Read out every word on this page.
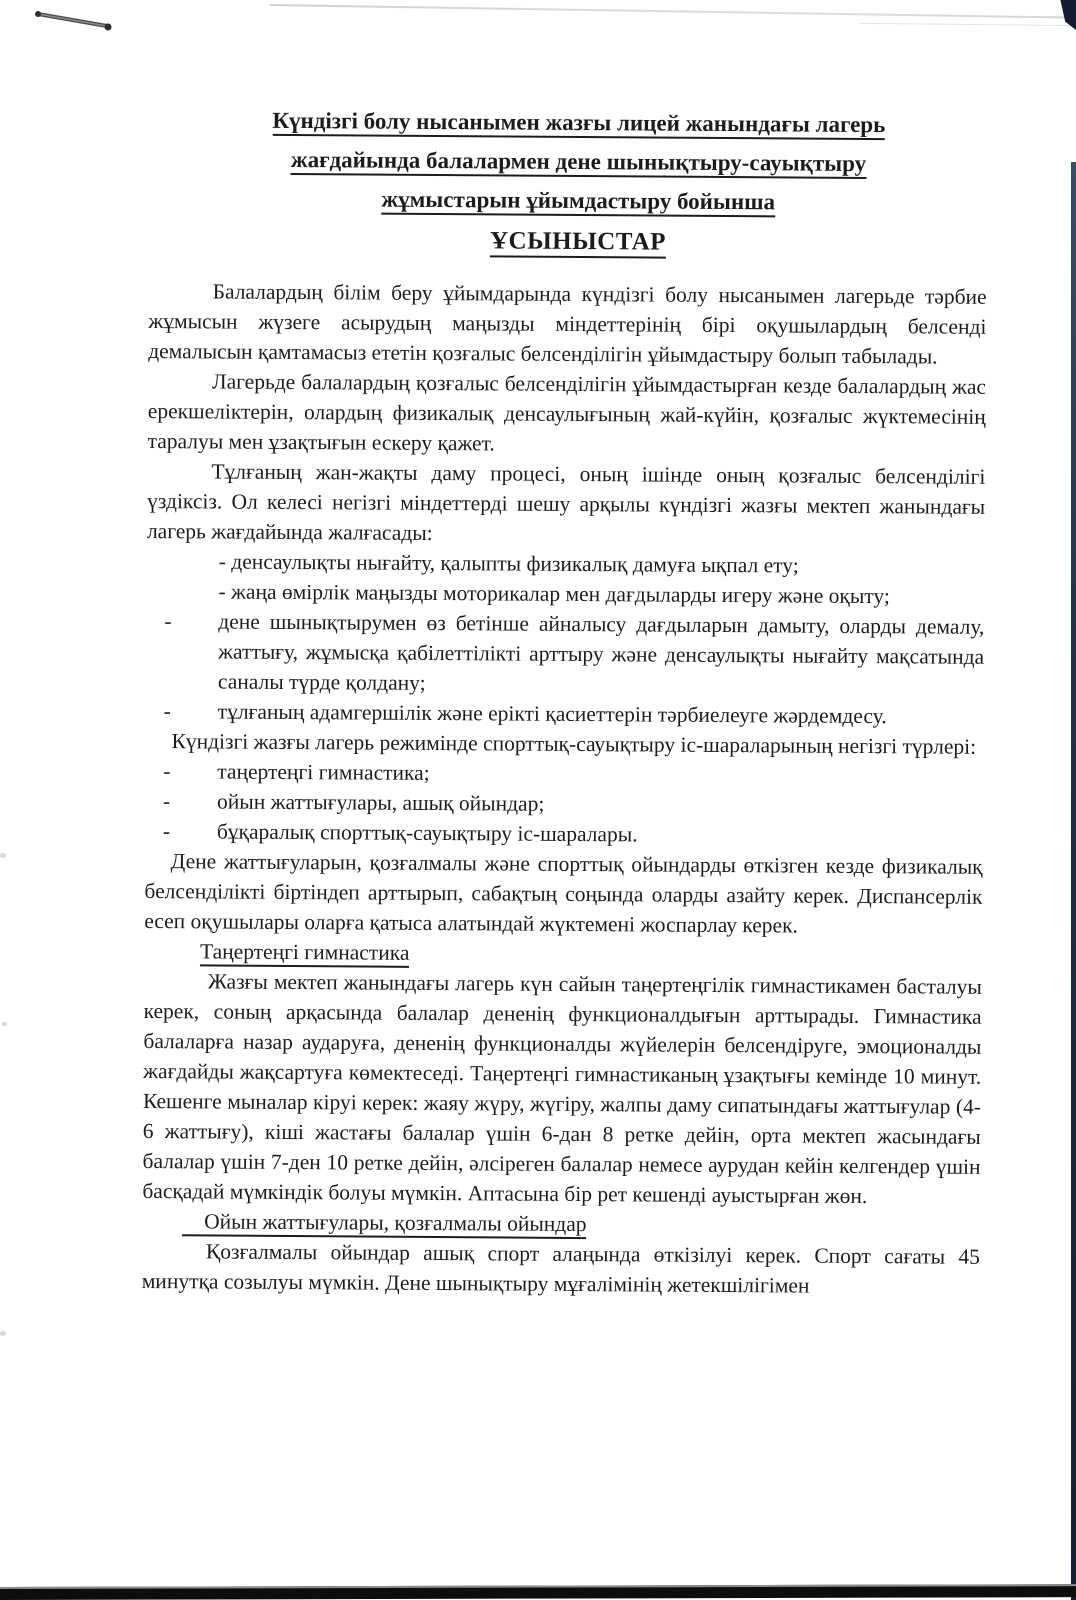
Күндізгі болу нысанымен жазғы лицей жанындағы лагерь
жағдайында балалармен дене шынықтыру-сауықтыру
жұмыстарын ұйымдастыру бойынша
ҰСЫНЫСТАР
Балалардың білім беру ұйымдарында күндізгі болу нысанымен лагерьде тәрбие жұмысын жүзеге асырудың маңызды міндеттерінің бірі оқушылардың белсенді демалысын қамтамасыз ететін қозғалыс белсенділігін ұйымдастыру болып табылады.
Лагерьде балалардың қозғалыс белсенділігін ұйымдастырған кезде балалардың жас ерекшеліктерін, олардың физикалық денсаулығының жай-күйін, қозғалыс жүктемесінің таралуы мен ұзақтығын ескеру қажет.
Тұлғаның жан-жақты даму процесі, оның ішінде оның қозғалыс белсенділігі үздіксіз. Ол келесі негізгі міндеттерді шешу арқылы күндізгі жазғы мектеп жанындағы лагерь жағдайында жалғасады:
- денсаулықты нығайту, қалыпты физикалық дамуға ықпал ету;
- жаңа өмірлік маңызды моторикалар мен дағдыларды игеру және оқыту;
- дене шынықтырумен өз бетінше айналысу дағдыларын дамыту, оларды демалу, жаттығу, жұмысқа қабілеттілікті арттыру және денсаулықты нығайту мақсатында саналы түрде қолдану;
- тұлғаның адамгершілік және ерікті қасиеттерін тәрбиелеуге жәрдемдесу.
Күндізгі жазғы лагерь режимінде спорттық-сауықтыру іс-шараларының негізгі түрлері:
- таңертеңгі гимнастика;
- ойын жаттығулары, ашық ойындар;
- бұқаралық спорттық-сауықтыру іс-шаралары.
Дене жаттығуларын, қозғалмалы және спорттық ойындарды өткізген кезде физикалық белсенділікті біртіндеп арттырып, сабақтың соңында оларды азайту керек. Диспансерлік есеп оқушылары оларға қатыса алатындай жүктемені жоспарлау керек.
Таңертеңгі гимнастика
Жазғы мектеп жанындағы лагерь күн сайын таңертеңгілік гимнастикамен басталуы керек, соның арқасында балалар дененің функционалдығын арттырады. Гимнастика балаларға назар аударуға, дененің функционалды жүйелерін белсендіруге, эмоционалды жағдайды жақсартуға көмектеседі. Таңертеңгі гимнастиканың ұзақтығы кемінде 10 минут. Кешенге мыналар кіруі керек: жаяу жүру, жүгіру, жалпы даму сипатындағы жаттығулар (4-6 жаттығу), кіші жастағы балалар үшін 6-дан 8 ретке дейін, орта мектеп жасындағы балалар үшін 7-ден 10 ретке дейін, әлсіреген балалар немесе аурудан кейін келгендер үшін басқадай мүмкіндік болуы мүмкін. Аптасына бір рет кешенді ауыстырған жөн.
Ойын жаттығулары, қозғалмалы ойындар
Қозғалмалы ойындар ашық спорт алаңында өткізілуі керек. Спорт сағаты 45 минутқа созылуы мүмкін. Дене шынықтыру мұғалімінің жетекшілігімен
